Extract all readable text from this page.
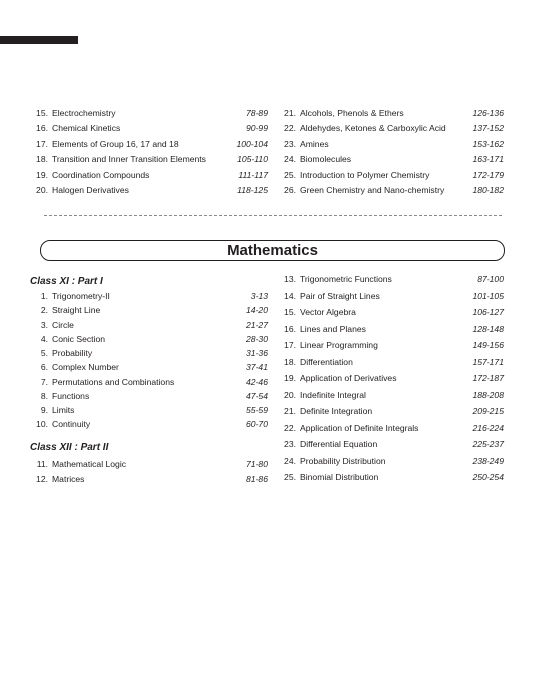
15. Electrochemistry	78-89
16. Chemical Kinetics	90-99
17. Elements of Group 16, 17 and 18	100-104
18. Transition and Inner Transition Elements	105-110
19. Coordination Compounds	111-117
20. Halogen Derivatives	118-125
21. Alcohols, Phenols & Ethers	126-136
22. Aldehydes, Ketones & Carboxylic Acid	137-152
23. Amines	153-162
24. Biomolecules	163-171
25. Introduction to Polymer Chemistry	172-179
26. Green Chemistry and Nano-chemistry	180-182
Mathematics
Class XI : Part I
Class XII : Part II
1. Trigonometry-II	3-13
2. Straight Line	14-20
3. Circle	21-27
4. Conic Section	28-30
5. Probability	31-36
6. Complex Number	37-41
7. Permutations and Combinations	42-46
8. Functions	47-54
9. Limits	55-59
10. Continuity	60-70
11. Mathematical Logic	71-80
12. Matrices	81-86
13. Trigonometric Functions	87-100
14. Pair of Straight Lines	101-105
15. Vector Algebra	106-127
16. Lines and Planes	128-148
17. Linear Programming	149-156
18. Differentiation	157-171
19. Application of Derivatives	172-187
20. Indefinite Integral	188-208
21. Definite Integration	209-215
22. Application of Definite Integrals	216-224
23. Differential Equation	225-237
24. Probability Distribution	238-249
25. Binomial Distribution	250-254
